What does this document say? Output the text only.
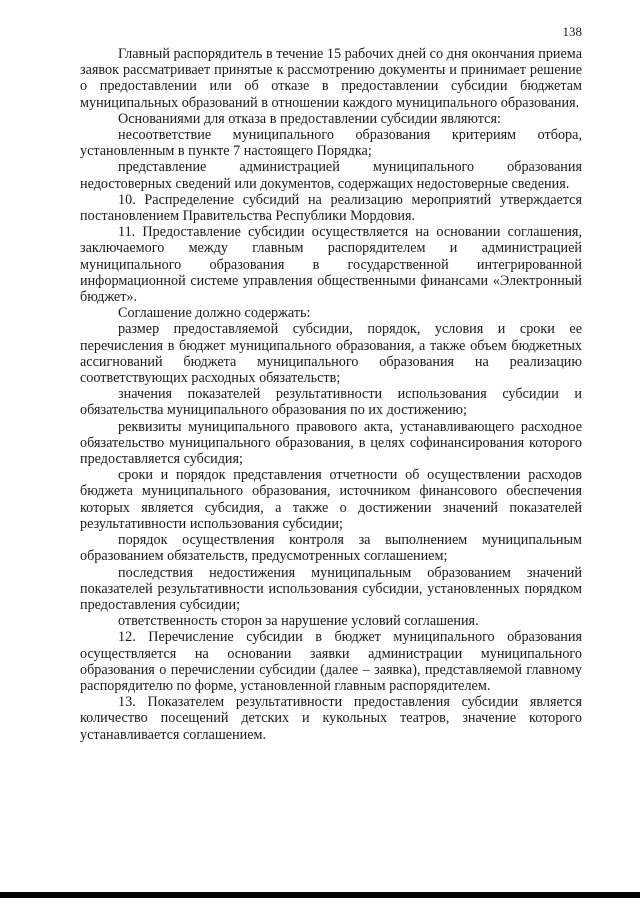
138

Главный распорядитель в течение 15 рабочих дней со дня окончания приема заявок рассматривает принятые к рассмотрению документы и принимает решение о предоставлении или об отказе в предоставлении субсидии бюджетам муниципальных образований в отношении каждого муниципального образования.

Основаниями для отказа в предоставлении субсидии являются:

несоответствие муниципального образования критериям отбора, установленным в пункте 7 настоящего Порядка;

представление администрацией муниципального образования недостоверных сведений или документов, содержащих недостоверные сведения.

10. Распределение субсидий на реализацию мероприятий утверждается постановлением Правительства Республики Мордовия.

11. Предоставление субсидии осуществляется на основании соглашения, заключаемого между главным распорядителем и администрацией муниципального образования в государственной интегрированной информационной системе управления общественными финансами «Электронный бюджет».

Соглашение должно содержать:

размер предоставляемой субсидии, порядок, условия и сроки ее перечисления в бюджет муниципального образования, а также объем бюджетных ассигнований бюджета муниципального образования на реализацию соответствующих расходных обязательств;

значения показателей результативности использования субсидии и обязательства муниципального образования по их достижению;

реквизиты муниципального правового акта, устанавливающего расходное обязательство муниципального образования, в целях софинансирования которого предоставляется субсидия;

сроки и порядок представления отчетности об осуществлении расходов бюджета муниципального образования, источником финансового обеспечения которых является субсидия, а также о достижении значений показателей результативности использования субсидии;

порядок осуществления контроля за выполнением муниципальным образованием обязательств, предусмотренных соглашением;

последствия недостижения муниципальным образованием значений показателей результативности использования субсидии, установленных порядком предоставления субсидии;

ответственность сторон за нарушение условий соглашения.

12. Перечисление субсидии в бюджет муниципального образования осуществляется на основании заявки администрации муниципального образования о перечислении субсидии (далее – заявка), представляемой главному распорядителю по форме, установленной главным распорядителем.

13. Показателем результативности предоставления субсидии является количество посещений детских и кукольных театров, значение которого устанавливается соглашением.
